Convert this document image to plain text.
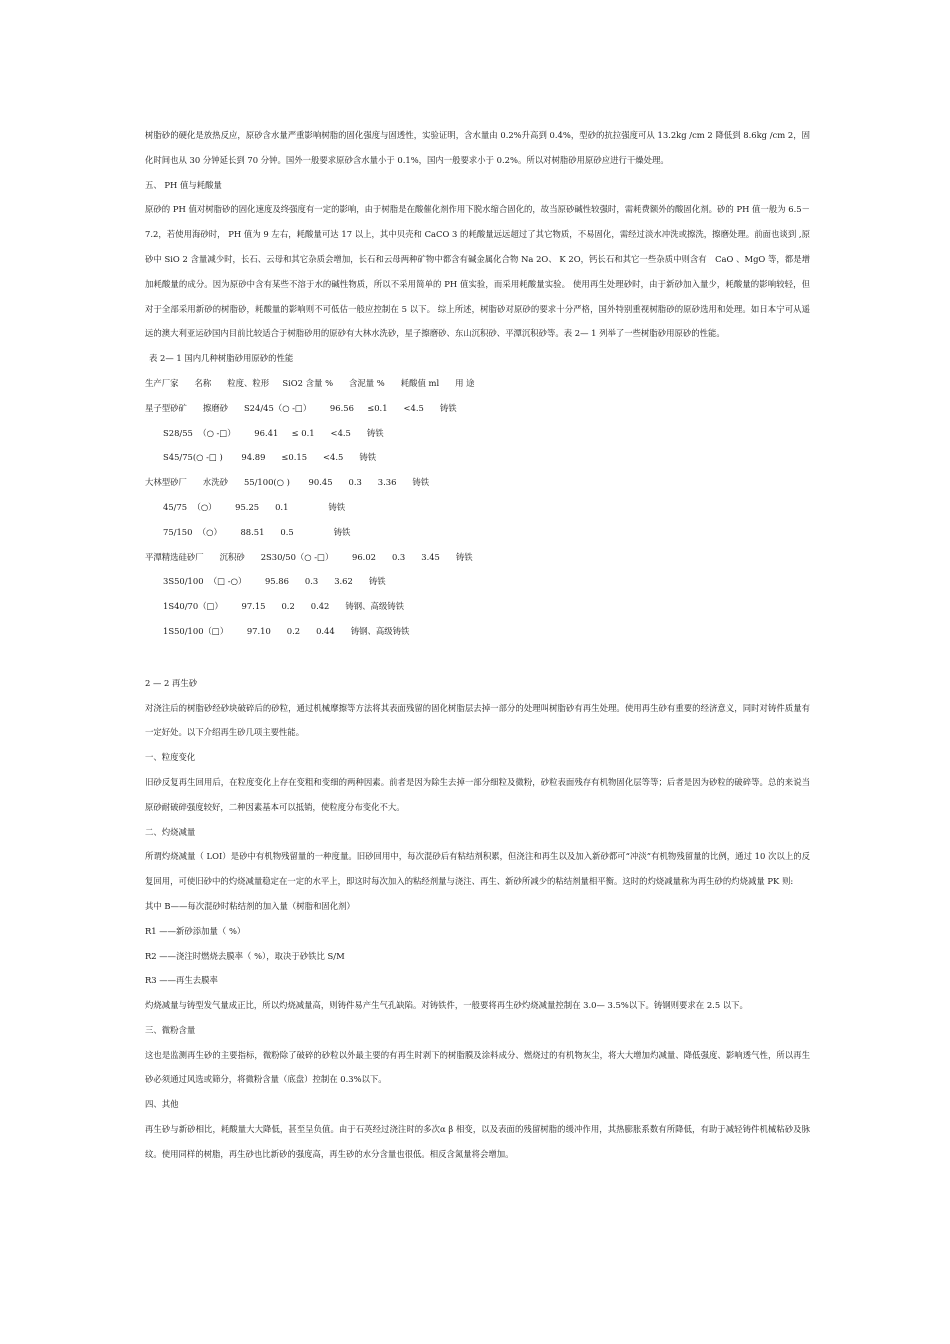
树脂砂的硬化是放热反应，原砂含水量严重影响树脂的固化强度与固透性，实验证明，含水量由 0.2%升高到 0.4%，型砂的抗拉强度可从 13.2kg /cm 2 降低到 8.6kg /cm 2，固化时间也从 30 分钟延长到 70 分钟。国外一般要求原砂含水量小于 0.1%，国内一般要求小于 0.2%。所以对树脂砂用原砂应进行干燥处理。

五、 PH 值与耗酸量

原砂的 PH 值对树脂砂的固化速度及终强度有一定的影响，由于树脂是在酸催化剂作用下脱水缩合固化的，故当原砂碱性较强时，需耗费额外的酸固化剂。砂的 PH 值一般为 6.5－ 7.2，若使用海砂时， PH 值为 9 左右，耗酸量可达 17 以上，其中贝壳和 CaCO 3 的耗酸量远远超过了其它物质，不易固化，需经过淡水冲洗或擦洗，擦磨处理。前面也谈到 ,原砂中 SiO 2 含量减少时，长石、云母和其它杂质会增加，长石和云母两种矿物中都含有碱金属化合物 Na 2O、 K 2O，钙长石和其它一些杂质中则含有　CaO 、MgO 等，都是增加耗酸量的成分。因为原砂中含有某些不溶于水的碱性物质，所以不采用简单的 PH 值实验，而采用耗酸量实验。 使用再生处理砂时，由于新砂加入量少，耗酸量的影响较轻，但对于全部采用新砂的树脂砂，耗酸量的影响则不可低估一般应控制在 5 以下。 综上所述，树脂砂对原砂的要求十分严格，国外特别重视树脂砂的原砂选用和处理。如日本宁可从遥远的澳大利亚运砂国内目前比较适合于树脂砂用的原砂有大林水洗砂，星子擦磨砂、东山沉积砂、平潭沉积砂等。表 2— 1 列举了一些树脂砂用原砂的性能。

表 2— 1 国内几种树脂砂用原砂的性能

生产厂家      名称      粒度、粒形     SiO2 含量 %      含泥量 %      耗酸值 ml      用 途

星子型砂矿      擦磨砂      S24/45（○ -□）       96.56     ≤0.1      <4.5      铸铁

S28/55  （○ -□）       96.41     ≤ 0.1      <4.5      铸铁

S45/75(○ -□ )       94.89      ≤0.15      <4.5      铸铁

大林型砂厂      水洗砂      55/100(○ )       90.45      0.3      3.36      铸铁

45/75  （○）       95.25      0.1               铸铁

75/150  （○）       88.51      0.5               铸铁

平潭精选硅砂厂      沉积砂      2S30/50（○ -□）       96.02      0.3      3.45      铸铁

3S50/100  （□ -○）       95.86      0.3      3.62      铸铁

1S40/70（□）       97.15      0.2      0.42      铸钢、高级铸铁

1S50/100（□）       97.10      0.2      0.44      铸钢、高级铸铁

2 — 2 再生砂

对浇注后的树脂砂经砂块破碎后的砂粒，通过机械摩擦等方法将其表面残留的固化树脂层去掉一部分的处理叫树脂砂有再生处理。使用再生砂有重要的经济意义，同时对铸件质量有一定好处。以下介绍再生砂几项主要性能。

一、粒度变化

旧砂反复再生回用后，在粒度变化上存在变粗和变细的两种因素。前者是因为除生去掉一部分细粒及微粉，砂粒表面残存有机物固化层等等；后者是因为砂粒的破碎等。总的来说当原砂耐破碎强度较好，二种因素基本可以抵销，使粒度分布变化不大。

二、灼烧减量

所谓灼烧减量（ LOI）是砂中有机物残留量的一种度量。旧砂回用中，每次混砂后有粘结剂积累，但浇注和再生以及加入新砂都可“冲淡”有机物残留量的比例，通过 10 次以上的反复回用，可使旧砂中的灼烧减量稳定在一定的水平上，即这时每次加入的粘经剂量与浇注、再生、新砂所减少的粘结剂量相平衡。这时的灼烧减量称为再生砂的灼烧减量 PK 则:

其中 B——每次混砂时粘结剂的加入量（树脂和固化剂）

R1 ——新砂添加量（ %）

R2 ——浇注时燃烧去膜率（ %），取决于砂铁比 S/M

R3 ——再生去膜率

灼烧减量与铸型发气量成正比，所以灼烧减量高，则铸件易产生气孔缺陷。对铸铁件，一般要将再生砂灼烧减量控制在 3.0— 3.5%以下。铸钢则要求在 2.5 以下。

三、微粉含量

这也是监测再生砂的主要指标，微粉除了破碎的砂粒以外最主要的有再生时剥下的树脂膜及涂料成分、燃烧过的有机物灰尘，将大大增加灼减量、降低强度、影响透气性，所以再生砂必须通过风选或筛分，将微粉含量（底盘）控制在 0.3%以下。

四、其他

再生砂与新砂相比，耗酸量大大降低，甚至呈负值。由于石英经过浇注时的多次α β 相变，以及表面的残留树脂的缓冲作用，其热膨胀系数有所降低，有助于减轻铸件机械粘砂及脉纹。使用同样的树脂，再生砂也比新砂的强度高，再生砂的水分含量也很低。相反含氮量将会增加。
